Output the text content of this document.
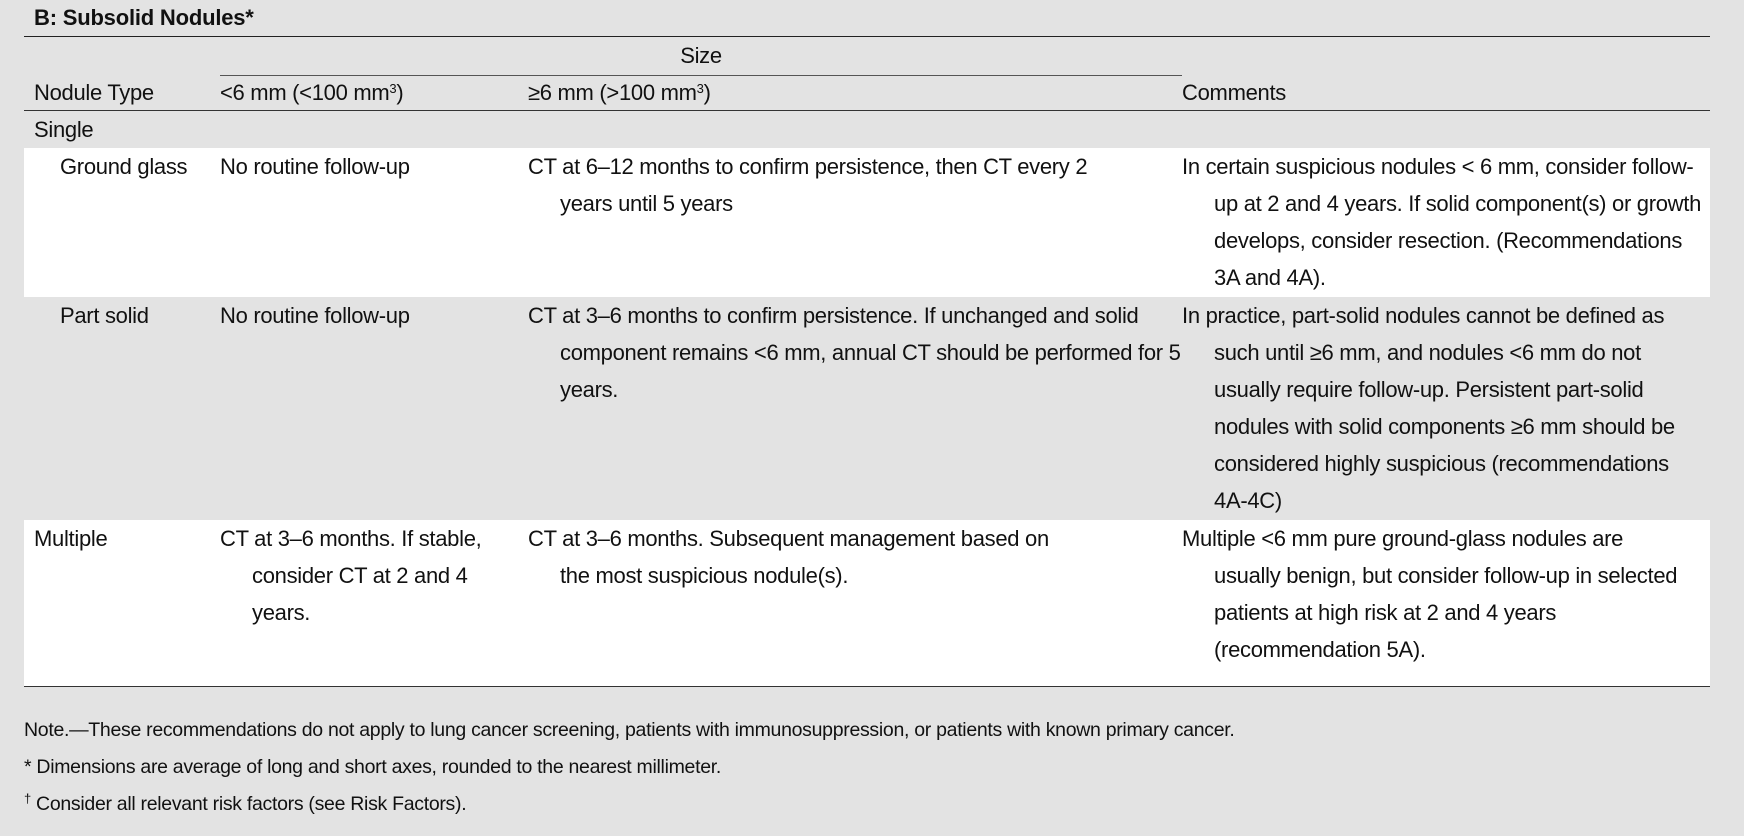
B: Subsolid Nodules*
	Size		
Nodule Type	<6 mm (<100 $mm^3$)	≥6 mm (>100 $mm^3$)	Comments
Single			
Ground glass	No routine follow-up	CT at 6–12 months to confirm persistence, then CT every 2 years until 5 years	In certain suspicious nodules < 6 mm, consider follow-up at 2 and 4 years. If solid component(s) or growth develops, consider resection. (Recommendations 3A and 4A).

Part solid	No routine follow-up	CT at 3–6 months to confirm persistence. If unchanged and solid component remains <6 mm, annual CT should be performed for 5 years.	In practice, part-solid nodules cannot be defined as such until ≥6 mm, and nodules <6 mm do not usually require follow-up. Persistent part-solid nodules with solid components ≥6 mm should be considered highly suspicious (recommendations 4A-4C)

Multiple	CT at 3–6 months. If stable, consider CT at 2 and 4 years.	CT at 3–6 months. Subsequent management based on the most suspicious nodule(s).	Multiple <6 mm pure ground-glass nodules are usually benign, but consider follow-up in selected patients at high risk at 2 and 4 years (recommendation 5A).

Note.—These recommendations do not apply to lung cancer screening, patients with immunosuppression, or patients with known primary cancer.
* Dimensions are average of long and short axes, rounded to the nearest millimeter.
† Consider all relevant risk factors (see Risk Factors).
